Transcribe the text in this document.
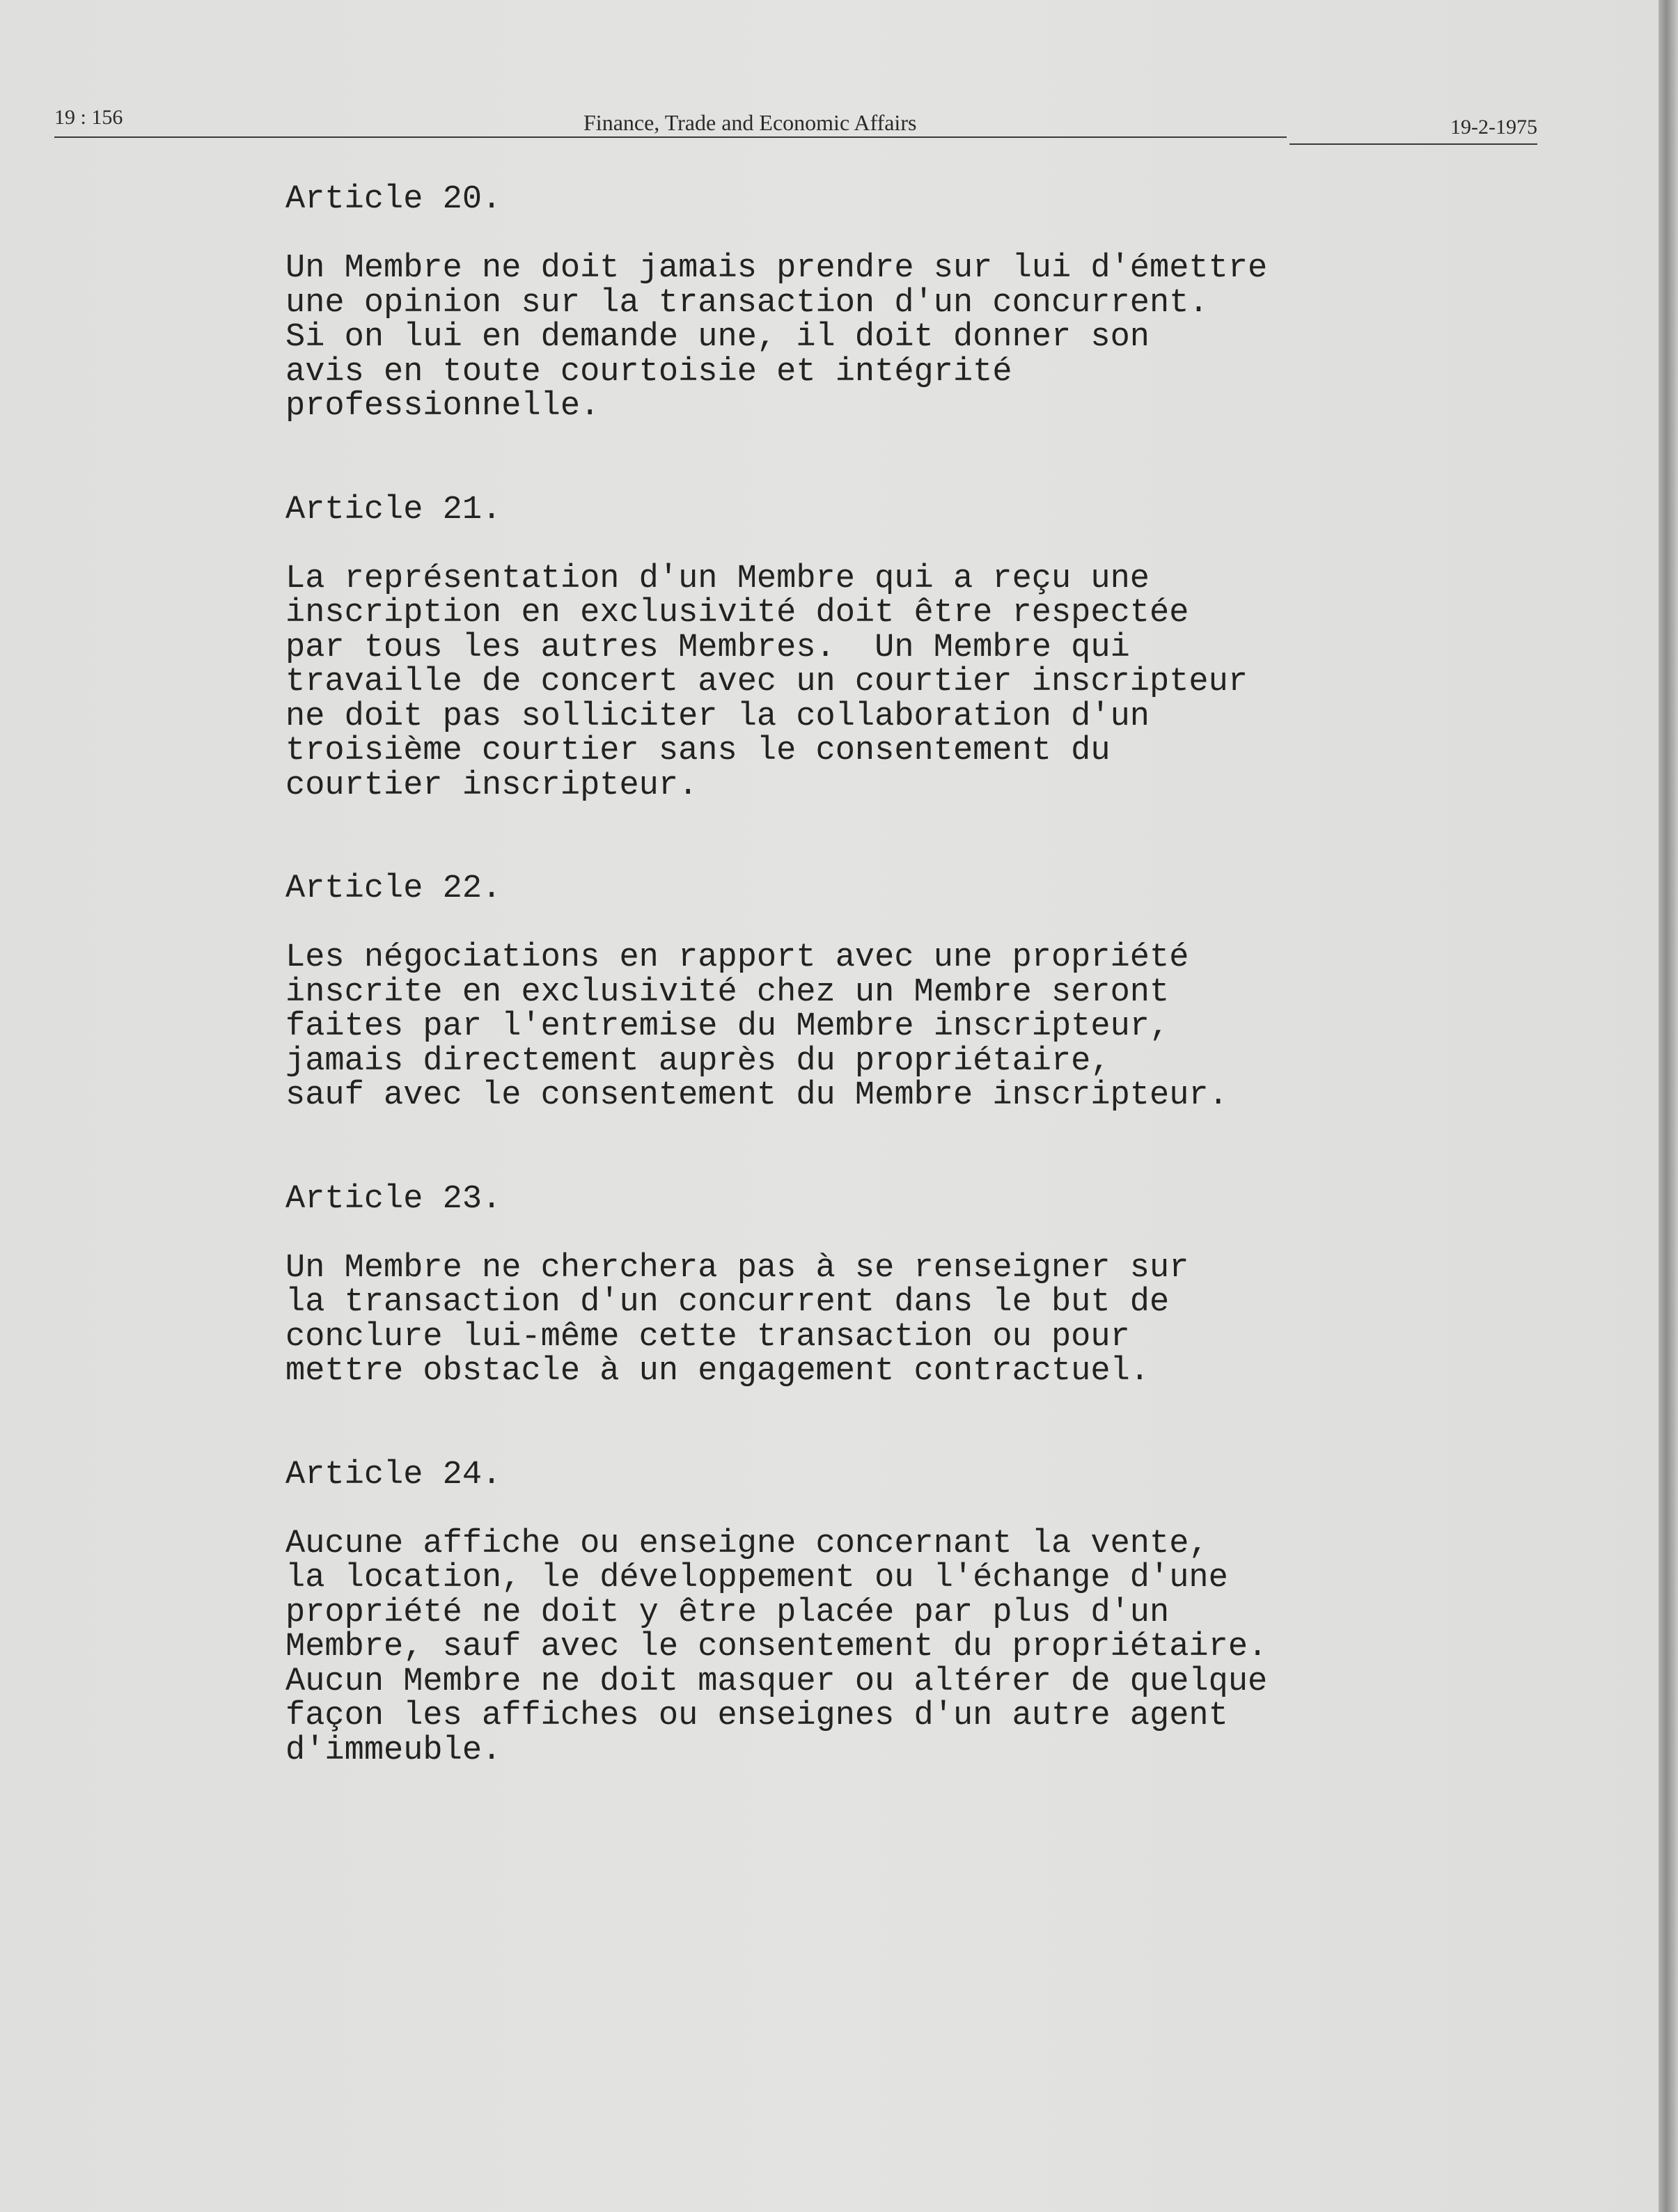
19 : 156	Finance, Trade and Economic Affairs	19-2-1975
Article 20.
Un Membre ne doit jamais prendre sur lui d'émettre
une opinion sur la transaction d'un concurrent.
Si on lui en demande une, il doit donner son
avis en toute courtoisie et intégrité
professionnelle.
Article 21.
La représentation d'un Membre qui a reçu une
inscription en exclusivité doit être respectée
par tous les autres Membres.  Un Membre qui
travaille de concert avec un courtier inscripteur
ne doit pas solliciter la collaboration d'un
troisième courtier sans le consentement du
courtier inscripteur.
Article 22.
Les négociations en rapport avec une propriété
inscrite en exclusivité chez un Membre seront
faites par l'entremise du Membre inscripteur,
jamais directement auprès du propriétaire,
sauf avec le consentement du Membre inscripteur.
Article 23.
Un Membre ne cherchera pas à se renseigner sur
la transaction d'un concurrent dans le but de
conclure lui-même cette transaction ou pour
mettre obstacle à un engagement contractuel.
Article 24.
Aucune affiche ou enseigne concernant la vente,
la location, le développement ou l'échange d'une
propriété ne doit y être placée par plus d'un
Membre, sauf avec le consentement du propriétaire.
Aucun Membre ne doit masquer ou altérer de quelque
façon les affiches ou enseignes d'un autre agent
d'immeuble.
